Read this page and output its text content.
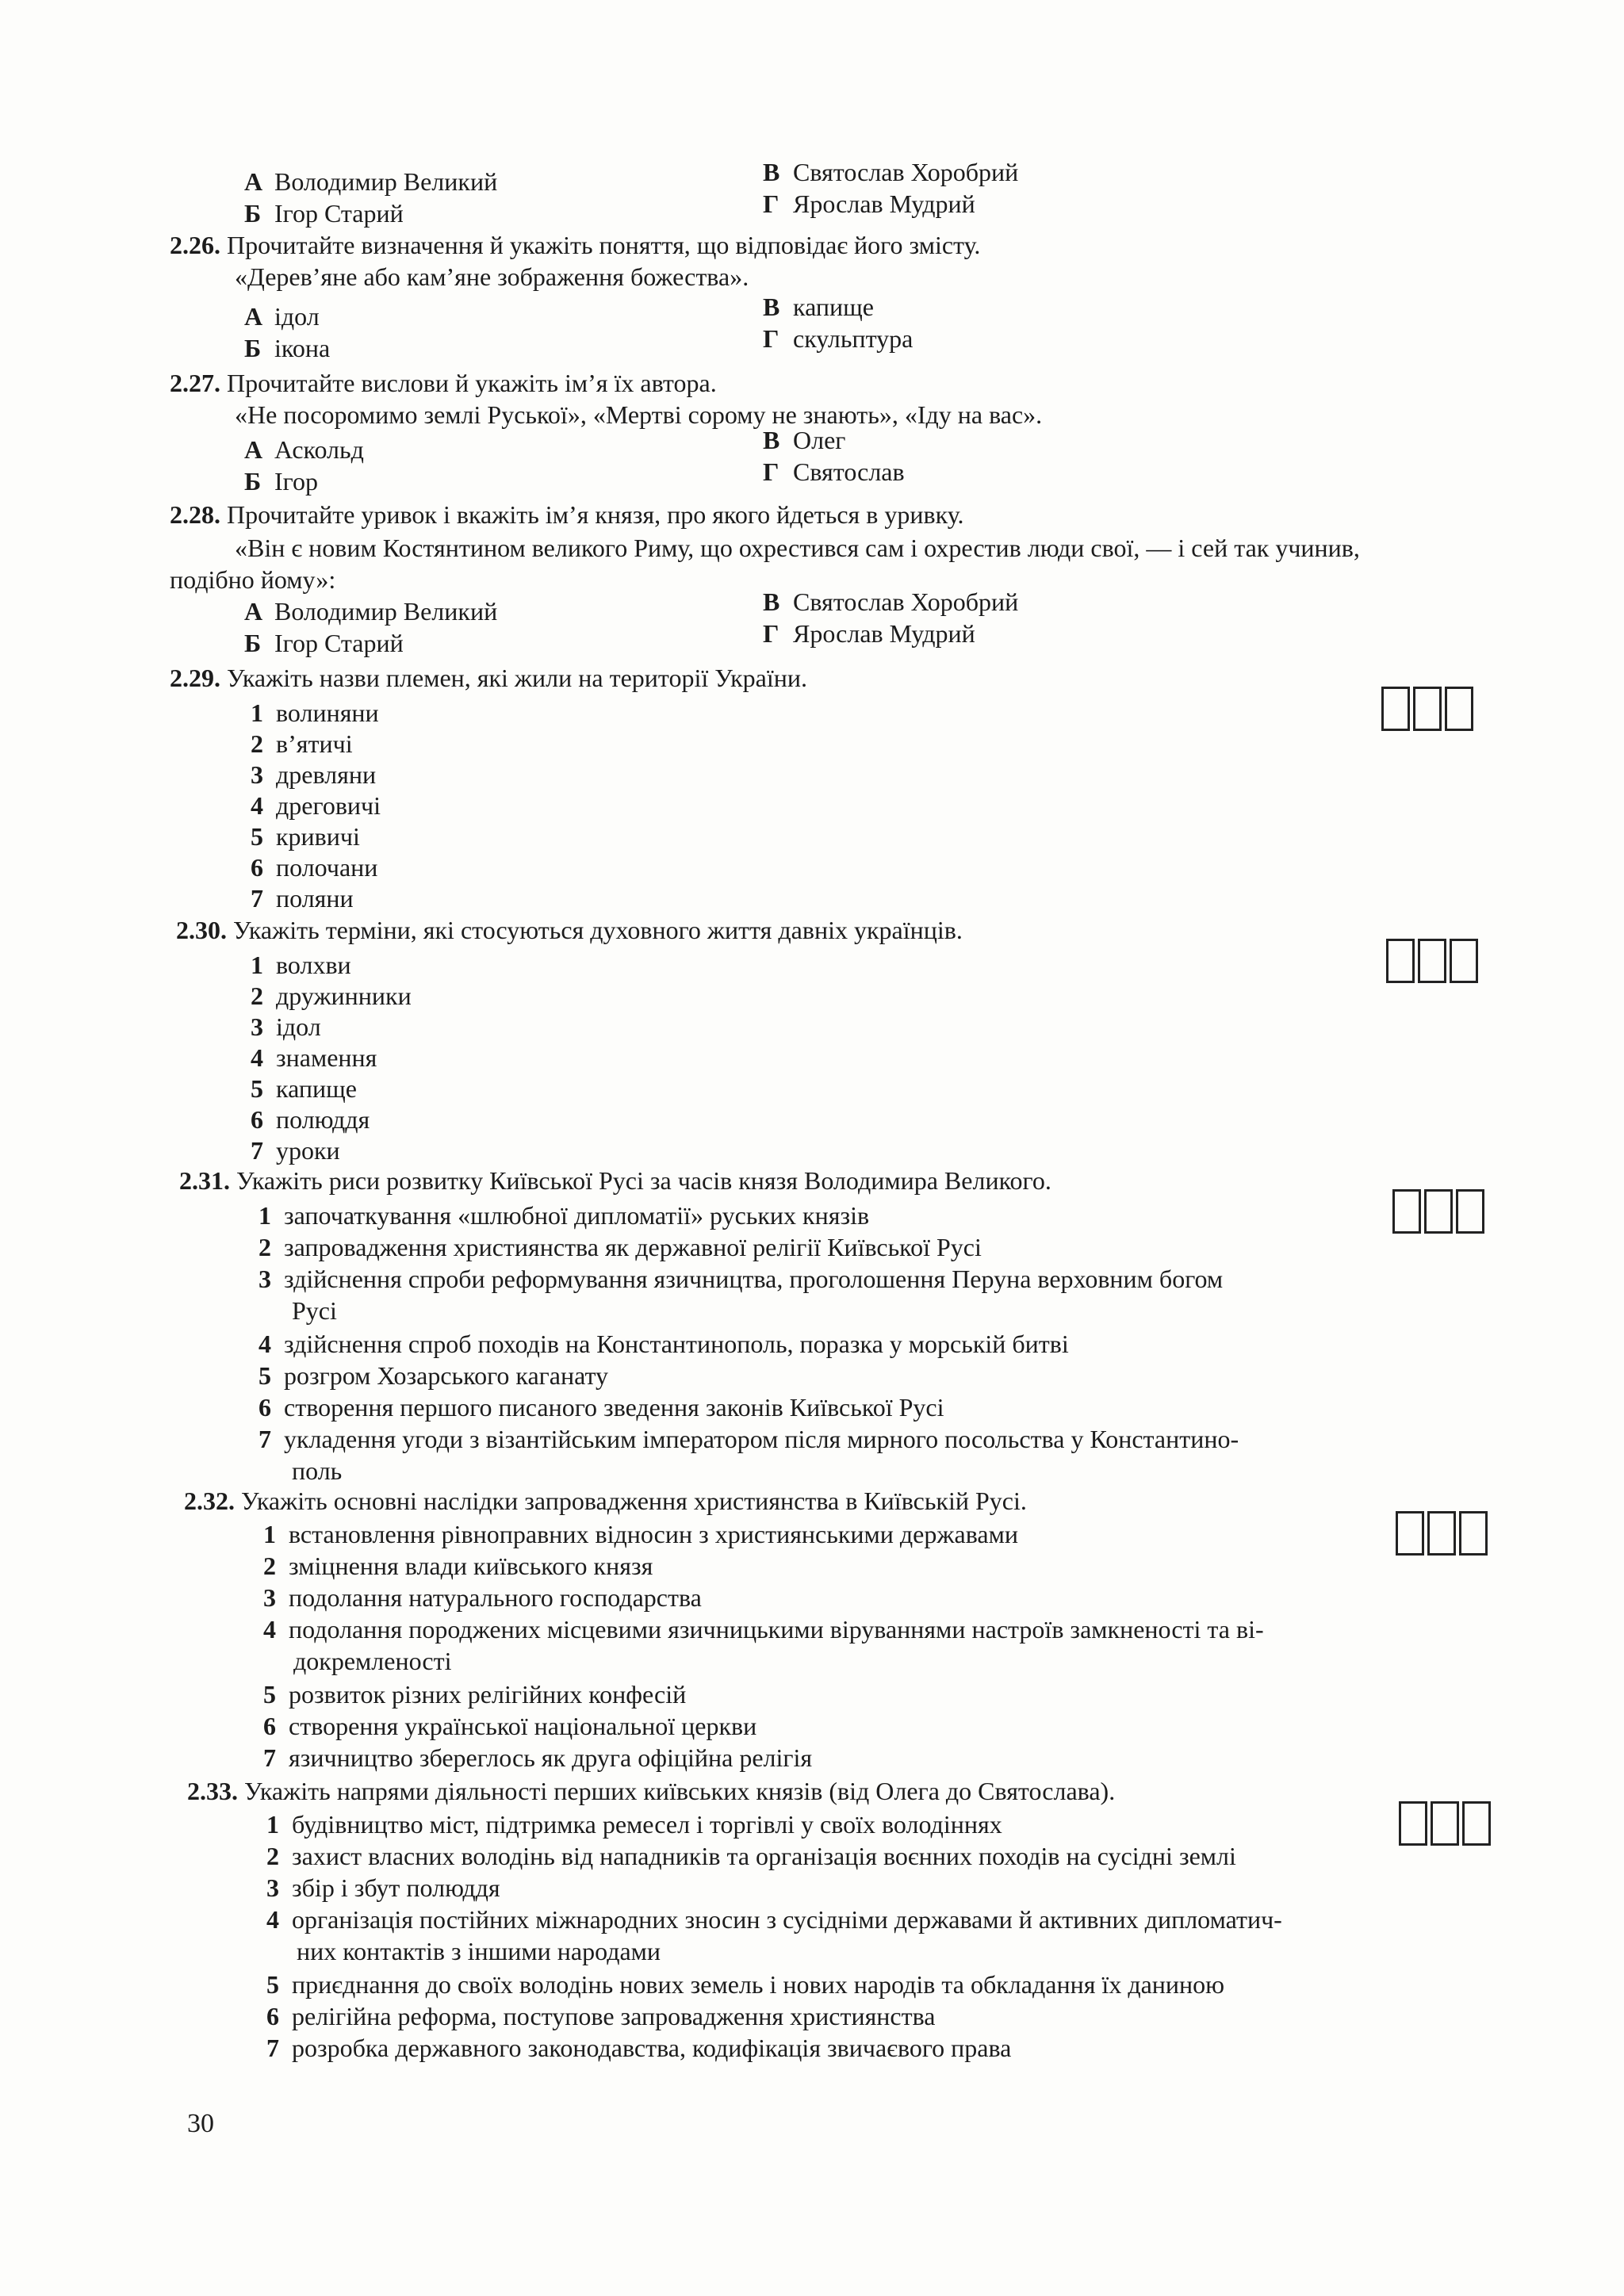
А Володимир Великий
Б Ігор Старий
В Святослав Хоробрий
Г Ярослав Мудрий
2.26. Прочитайте визначення й укажіть поняття, що відповідає його змісту.
«Дерев’яне або кам’яне зображення божества».
А ідол
Б ікона
В капище
Г скульптура
2.27. Прочитайте вислови й укажіть ім’я їх автора.
«Не посоромимо землі Руської», «Мертві сорому не знають», «Іду на вас».
А Аскольд
Б Ігор
В Олег
Г Святослав
2.28. Прочитайте уривок і вкажіть ім’я князя, про якого йдеться в уривку.
«Він є новим Костянтином великого Риму, що охрестився сам і охрестив люди свої, — і сей так учинив,
подібно йому»:
А Володимир Великий
Б Ігор Старий
В Святослав Хоробрий
Г Ярослав Мудрий
2.29. Укажіть назви племен, які жили на території України.
1 волиняни
2 в’ятичі
3 древляни
4 дреговичі
5 кривичі
6 полочани
7 поляни
2.30. Укажіть терміни, які стосуються духовного життя давніх українців.
1 волхви
2 дружинники
3 ідол
4 знамення
5 капище
6 полюддя
7 уроки
2.31. Укажіть риси розвитку Київської Русі за часів князя Володимира Великого.
1 започаткування «шлюбної дипломатії» руських князів
2 запровадження християнства як державної релігії Київської Русі
3 здійснення спроби реформування язичництва, проголошення Перуна верховним богом
Русі
4 здійснення спроб походів на Константинополь, поразка у морській битві
5 розгром Хозарського каганату
6 створення першого писаного зведення законів Київської Русі
7 укладення угоди з візантійським імператором після мирного посольства у Константино-
поль
2.32. Укажіть основні наслідки запровадження християнства в Київській Русі.
1 встановлення рівноправних відносин з християнськими державами
2 зміцнення влади київського князя
3 подолання натурального господарства
4 подолання породжених місцевими язичницькими віруваннями настроїв замкненості та ві-
докремленості
5 розвиток різних релігійних конфесій
6 створення української національної церкви
7 язичництво збереглось як друга офіційна релігія
2.33. Укажіть напрями діяльності перших київських князів (від Олега до Святослава).
1 будівництво міст, підтримка ремесел і торгівлі у своїх володіннях
2 захист власних володінь від нападників та організація воєнних походів на сусідні землі
3 збір і збут полюддя
4 організація постійних міжнародних зносин з сусідніми державами й активних дипломатич-
них контактів з іншими народами
5 приєднання до своїх володінь нових земель і нових народів та обкладання їх даниною
6 релігійна реформа, поступове запровадження християнства
7 розробка державного законодавства, кодифікація звичаєвого права
30
